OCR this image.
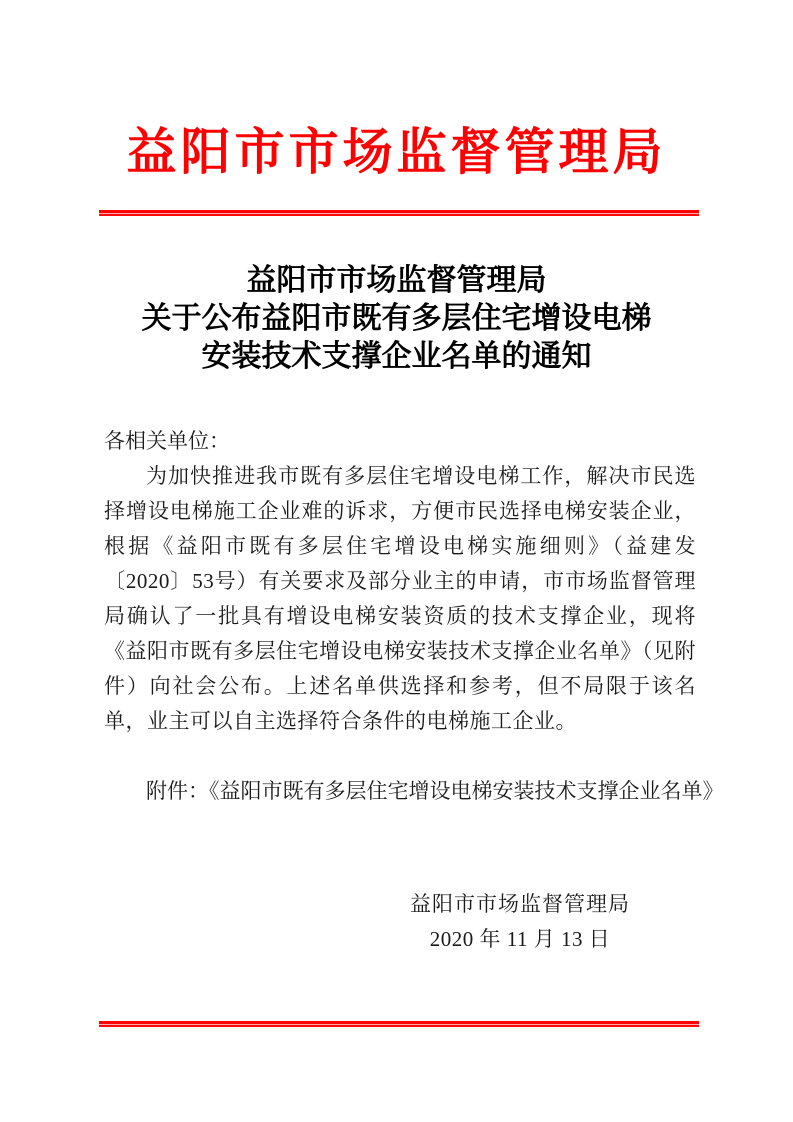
益阳市市场监督管理局
益阳市市场监督管理局
关于公布益阳市既有多层住宅增设电梯
安装技术支撑企业名单的通知
各相关单位：

为加快推进我市既有多层住宅增设电梯工作，解决市民选择增设电梯施工企业难的诉求，方便市民选择电梯安装企业，根据《益阳市既有多层住宅增设电梯实施细则》（益建发〔2020〕53号）有关要求及部分业主的申请，市市场监督管理局确认了一批具有增设电梯安装资质的技术支撑企业，现将《益阳市既有多层住宅增设电梯安装技术支撑企业名单》（见附件）向社会公布。上述名单供选择和参考，但不局限于该名单，业主可以自主选择符合条件的电梯施工企业。

附件：《益阳市既有多层住宅增设电梯安装技术支撑企业名单》
益阳市市场监督管理局
2020 年 11 月 13 日
